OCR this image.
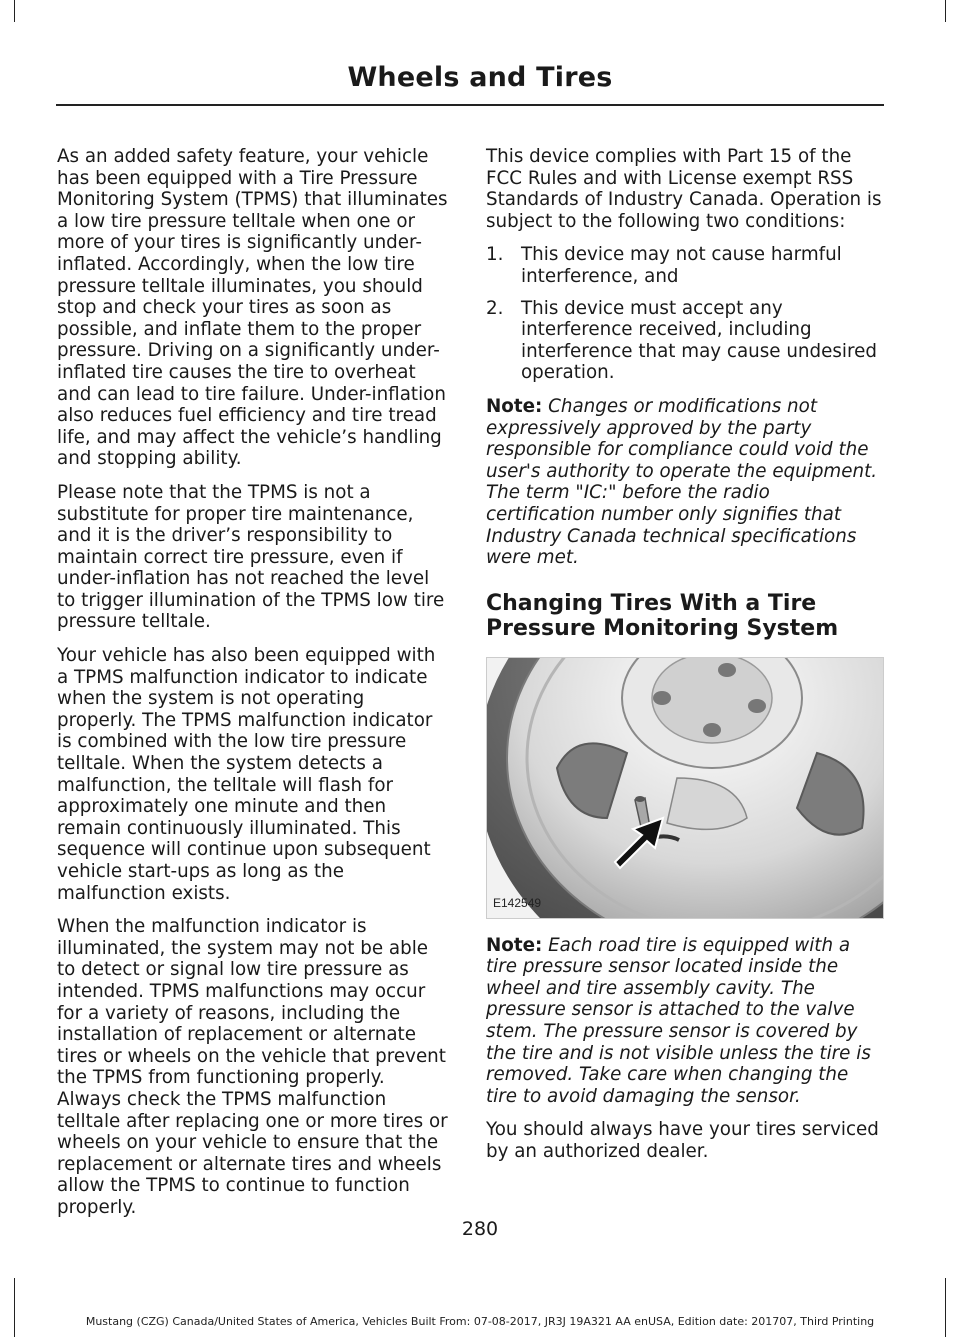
Wheels and Tires

As an added safety feature, your vehicle has been equipped with a Tire Pressure Monitoring System (TPMS) that illuminates a low tire pressure telltale when one or more of your tires is significantly under-inflated. Accordingly, when the low tire pressure telltale illuminates, you should stop and check your tires as soon as possible, and inflate them to the proper pressure. Driving on a significantly under-inflated tire causes the tire to overheat and can lead to tire failure. Under-inflation also reduces fuel efficiency and tire tread life, and may affect the vehicle’s handling and stopping ability.

Please note that the TPMS is not a substitute for proper tire maintenance, and it is the driver’s responsibility to maintain correct tire pressure, even if under-inflation has not reached the level to trigger illumination of the TPMS low tire pressure telltale.

Your vehicle has also been equipped with a TPMS malfunction indicator to indicate when the system is not operating properly. The TPMS malfunction indicator is combined with the low tire pressure telltale. When the system detects a malfunction, the telltale will flash for approximately one minute and then remain continuously illuminated. This sequence will continue upon subsequent vehicle start-ups as long as the malfunction exists.

When the malfunction indicator is illuminated, the system may not be able to detect or signal low tire pressure as intended. TPMS malfunctions may occur for a variety of reasons, including the installation of replacement or alternate tires or wheels on the vehicle that prevent the TPMS from functioning properly. Always check the TPMS malfunction telltale after replacing one or more tires or wheels on your vehicle to ensure that the replacement or alternate tires and wheels allow the TPMS to continue to function properly.

This device complies with Part 15 of the FCC Rules and with License exempt RSS Standards of Industry Canada. Operation is subject to the following two conditions:

1. This device may not cause harmful interference, and
2. This device must accept any interference received, including interference that may cause undesired operation.

Note: Changes or modifications not expressively approved by the party responsible for compliance could void the user's authority to operate the equipment. The term "IC:" before the radio certification number only signifies that Industry Canada technical specifications were met.

Changing Tires With a Tire Pressure Monitoring System
E142549

Note: Each road tire is equipped with a tire pressure sensor located inside the wheel and tire assembly cavity. The pressure sensor is attached to the valve stem. The pressure sensor is covered by the tire and is not visible unless the tire is removed. Take care when changing the tire to avoid damaging the sensor.

You should always have your tires serviced by an authorized dealer.

280
Mustang (CZG) Canada/United States of America, Vehicles Built From: 07-08-2017, JR3J 19A321 AA enUSA, Edition date: 201707, Third Printing
